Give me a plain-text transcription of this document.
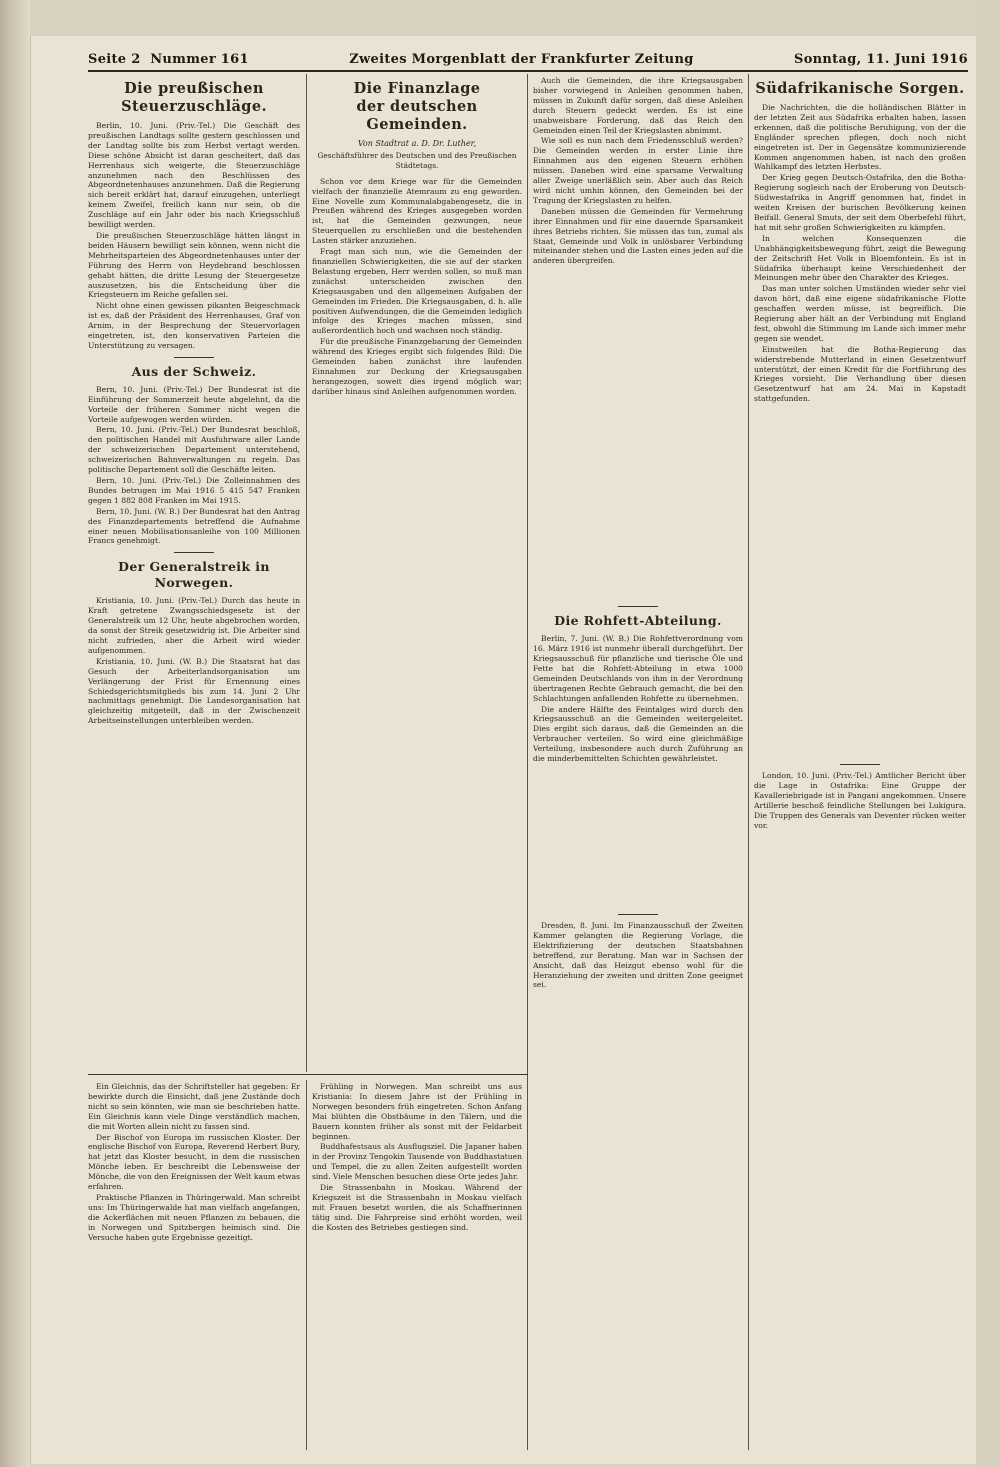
Seite 2 Nummer 161	Zweites Morgenblatt der Frankfurter Zeitung	Sonntag, 11. Juni 1916
Die preußischen Steuerzuschläge.

Berlin, 10. Juni. (Priv.-Tel.) Die Geschäft des preußischen Landtags sollte gestern geschlossen und der Landtag sollte bis zum Herbst vertagt werden. Diese schöne Absicht ist daran gescheitert, daß das Herrenhaus sich weigerte, die Steuerzuschläge anzunehmen nach den Beschlüssen des Abgeordnetenhauses anzunehmen. Daß die Regierung sich bereit erklärt hat, darauf einzugehen, unterliegt keinem Zweifel, freilich kann nur sein, ob die Zuschläge auf ein Jahr oder bis nach Kriegsschluß bewilligt werden.

Die preußischen Steuerzuschläge hätten längst in beiden Häusern bewilligt sein können, wenn nicht die Mehrheitsparteien des Abgeordnetenhauses unter der Führung des Herrn von Heydebrand beschlossen gehabt hätten, die dritte Lesung der Steuergesetze auszusetzen, bis die Entscheidung über die Kriegsteuern im Reiche gefallen sei.

Nicht ohne einen gewissen pikanten Beigeschmack ist es, daß der Präsident des Herrenhauses, Graf von Arnim, in der Besprechung der Steuervorlagen eingetreten, ist, den konservativen Parteien die Unterstützung zu versagen.

Aus der Schweiz.

Bern, 10. Juni. (Priv.-Tel.) Der Bundesrat ist die Einführung der Sommerzeit heute abgelehnt, da die Vorteile der früheren Sommer nicht wegen die Vorteile aufgewogen werden würden.

Bern, 10. Juni. (Priv.-Tel.) Der Bundesrat beschloß, den politischen Handel mit Ausfuhrware aller Lande der schweizerischen Departement unterstehend, schweizerischen Bahnverwaltungen zu regeln. Das politische Departement soll die Geschäfte leiten.

Bern, 10. Juni. (Priv.-Tel.) Die Zolleinnahmen des Bundes betrugen im Mai 1916 5 415 547 Franken gegen 1 882 808 Franken im Mai 1915.

Bern, 10. Juni. (W. B.) Der Bundesrat hat den Antrag des Finanzdepartements betreffend die Aufnahme einer neuen Mobilisationsanleihe von 100 Millionen Francs genehmigt.

Der Generalstreik in Norwegen.

Kristiania, 10. Juni. (Priv.-Tel.) Durch das heute in Kraft getretene Zwangsschiedsgesetz ist der Generalstreik um 12 Uhr, heute abgebrochen worden, da sonst der Streik gesetzwidrig ist. Die Arbeiter sind nicht zufrieden, aber die Arbeit wird wieder aufgenommen.

Kristiania, 10. Juni. (W. B.) Die Staatsrat hat das Gesuch der Arbeiterlandsorganisation um Verlängerung der Frist für Ernennung eines Schiedsgerichtsmitglieds bis zum 14. Juni 2 Uhr nachmittags genehmigt. Die Landesorganisation hat gleichzeitig mitgeteilt, daß in der Zwischenzeit Arbeitseinstellungen unterbleiben werden.

Die Finanzlage
der deutschen Gemeinden.
Von Stadtrat a. D. Dr. Luther,
Geschäftsführer des Deutschen und des Preußischen Städtetags.

Schon vor dem Kriege war für die Gemeinden vielfach der finanzielle Atemraum zu eng geworden. Eine Novelle zum Kommunalabgabengesetz, die in Preußen während des Krieges ausgegeben worden ist, hat die Gemeinden gezwungen, neue Steuerquellen zu erschließen und die bestehenden Lasten stärker anzuziehen.

Fragt man sich nun, wie die Gemeinden der finanziellen Schwierigkeiten, die sie auf der starken Belastung ergeben, Herr werden sollen, so muß man zunächst unterscheiden zwischen den Kriegsausgaben und den allgemeinen Aufgaben der Gemeinden im Frieden. Die Kriegsausgaben, d. h. alle positiven Aufwendungen, die die Gemeinden lediglich infolge des Krieges machen müssen, sind außerordentlich hoch und wachsen noch ständig.

Für die preußische Finanzgebarung der Gemeinden während des Krieges ergibt sich folgendes Bild: Die Gemeinden haben zunächst ihre laufenden Einnahmen zur Deckung der Kriegsausgaben herangezogen, soweit dies irgend möglich war; darüber hinaus sind Anleihen aufgenommen worden.

Auch die Gemeinden, die ihre Kriegsausgaben bisher vorwiegend in Anleihen genommen haben, müssen in Zukunft dafür sorgen, daß diese Anleihen durch Steuern gedeckt werden. Es ist eine unabweisbare Forderung, daß das Reich den Gemeinden einen Teil der Kriegslasten abnimmt.

Wie soll es nun nach dem Friedensschluß werden? Die Gemeinden werden in erster Linie ihre Einnahmen aus den eigenen Steuern erhöhen müssen. Daneben wird eine sparsame Verwaltung aller Zweige unerläßlich sein. Aber auch das Reich wird nicht umhin können, den Gemeinden bei der Tragung der Kriegslasten zu helfen.

Daneben müssen die Gemeinden für Vermehrung ihrer Einnahmen und für eine dauernde Sparsamkeit ihres Betriebs richten. Sie müssen das tun, zumal als Staat, Gemeinde und Volk in unlösbarer Verbindung miteinander stehen und die Lasten eines jeden auf die anderen übergreifen.

Die Rohfett-Abteilung.

Berlin, 7. Juni. (W. B.) Die Rohfettverordnung vom 16. März 1916 ist nunmehr überall durchgeführt. Der Kriegsausschuß für pflanzliche und tierische Öle und Fette hat die Rohfett-Abteilung in etwa 1000 Gemeinden Deutschlands von ihm in der Verordnung übertragenen Rechte Gebrauch gemacht, die bei den Schlachtungen anfallenden Rohfette zu übernehmen.

Die andere Hälfte des Feintalges wird durch den Kriegsausschuß an die Gemeinden weitergeleitet. Dies ergibt sich daraus, daß die Gemeinden an die Verbraucher verteilen. So wird eine gleichmäßige Verteilung, insbesondere auch durch Zuführung an die minderbemittelten Schichten gewährleistet.

Dresden, 8. Juni. Im Finanzausschuß der Zweiten Kammer gelangten die Regierung Vorlage, die Elektrifizierung der deutschen Staatsbahnen betreffend, zur Beratung. Man war in Sachsen der Ansicht, daß das Heizgut ebenso wohl für die Heranziehung der zweiten und dritten Zone geeignet sei.

Südafrikanische Sorgen.

Die Nachrichten, die die holländischen Blätter in der letzten Zeit aus Südafrika erhalten haben, lassen erkennen, daß die politische Beruhigung, von der die Engländer sprechen pflegen, doch noch nicht eingetreten ist. Der in Gegensätze kommunizierende Kommen angenommen haben, ist nach den großen Wahlkampf des letzten Herbstes.

Der Krieg gegen Deutsch-Ostafrika, den die Botha-Regierung sogleich nach der Eroberung von Deutsch-Südwestafrika in Angriff genommen hat, findet in weiten Kreisen der burischen Bevölkerung keinen Beifall. General Smuts, der seit dem Oberbefehl führt, hat mit sehr großen Schwierigkeiten zu kämpfen.

In welchen Konsequenzen die Unabhängigkeitsbewegung führt, zeigt die Bewegung der Zeitschrift Het Volk in Bloemfontein. Es ist in Südafrika überhaupt keine Verschiedenheit der Meinungen mehr über den Charakter des Krieges.

Das man unter solchen Umständen wieder sehr viel davon hört, daß eine eigene südafrikanische Flotte geschaffen werden müsse, ist begreiflich. Die Regierung aber hält an der Verbindung mit England fest, obwohl die Stimmung im Lande sich immer mehr gegen sie wendet.

Einstweilen hat die Botha-Regierung das widerstrebende Mutterland in einen Gesetzentwurf unterstützt, der einen Kredit für die Fortführung des Krieges vorsieht. Die Verhandlung über diesen Gesetzentwurf hat am 24. Mai in Kapstadt stattgefunden.

London, 10. Juni. (Priv.-Tel.) Amtlicher Bericht über die Lage in Ostafrika: Eine Gruppe der Kavalleriebrigade ist in Pangani angekommen. Unsere Artillerie beschoß feindliche Stellungen bei Lukigura. Die Truppen des Generals van Deventer rücken weiter vor.

Ein Gleichnis, das der Schriftsteller hat gegeben: Er bewirkte durch die Einsicht, daß jene Zustände doch nicht so sein könnten, wie man sie beschrieben hatte. Ein Gleichnis kann viele Dinge verständlich machen, die mit Worten allein nicht zu fassen sind.

Der Bischof von Europa im russischen Kloster. Der englische Bischof von Europa, Reverend Herbert Bury, hat jetzt das Kloster besucht, in dem die russischen Mönche leben. Er beschreibt die Lebensweise der Mönche, die von den Ereignissen der Welt kaum etwas erfahren.

Praktische Pflanzen in Thüringerwald. Man schreibt uns: Im Thüringerwalde hat man vielfach angefangen, die Ackerflächen mit neuen Pflanzen zu bebauen, die in Norwegen und Spitzbergen heimisch sind. Die Versuche haben gute Ergebnisse gezeitigt.

Frühling in Norwegen. Man schreibt uns aus Kristiania: In diesem Jahre ist der Frühling in Norwegen besonders früh eingetreten. Schon Anfang Mai blühten die Obstbäume in den Tälern, und die Bauern konnten früher als sonst mit der Feldarbeit beginnen.

Buddhafestsaus als Ausflugsziel. Die Japaner haben in der Provinz Tengokin Tausende von Buddhastatuen und Tempel, die zu allen Zeiten aufgestellt worden sind. Viele Menschen besuchen diese Orte jedes Jahr.

Die Strassenbahn in Moskau. Während der Kriegszeit ist die Strassenbahn in Moskau vielfach mit Frauen besetzt worden, die als Schaffnerinnen tätig sind. Die Fahrpreise sind erhöht worden, weil die Kosten des Betriebes gestiegen sind.
